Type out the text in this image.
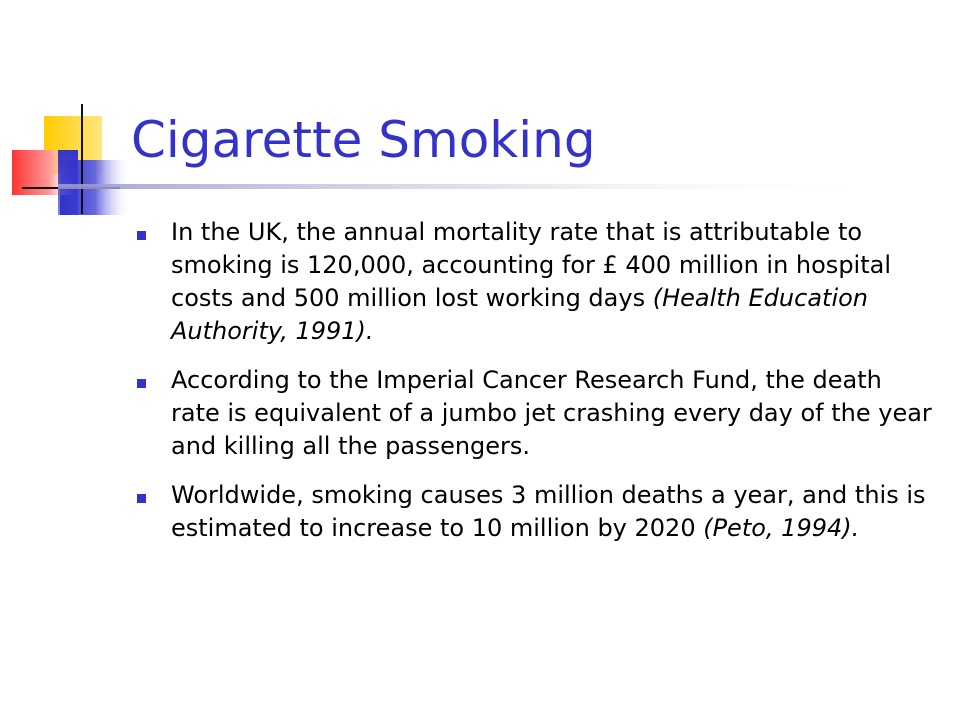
Cigarette Smoking
In the UK, the annual mortality rate that is attributable to smoking is 120,000, accounting for £ 400 million in hospital costs and 500 million lost working days (Health Education Authority, 1991).
According to the Imperial Cancer Research Fund, the death rate is equivalent of a jumbo jet crashing every day of the year and killing all the passengers.
Worldwide, smoking causes 3 million deaths a year, and this is estimated to increase to 10 million by 2020 (Peto, 1994).
